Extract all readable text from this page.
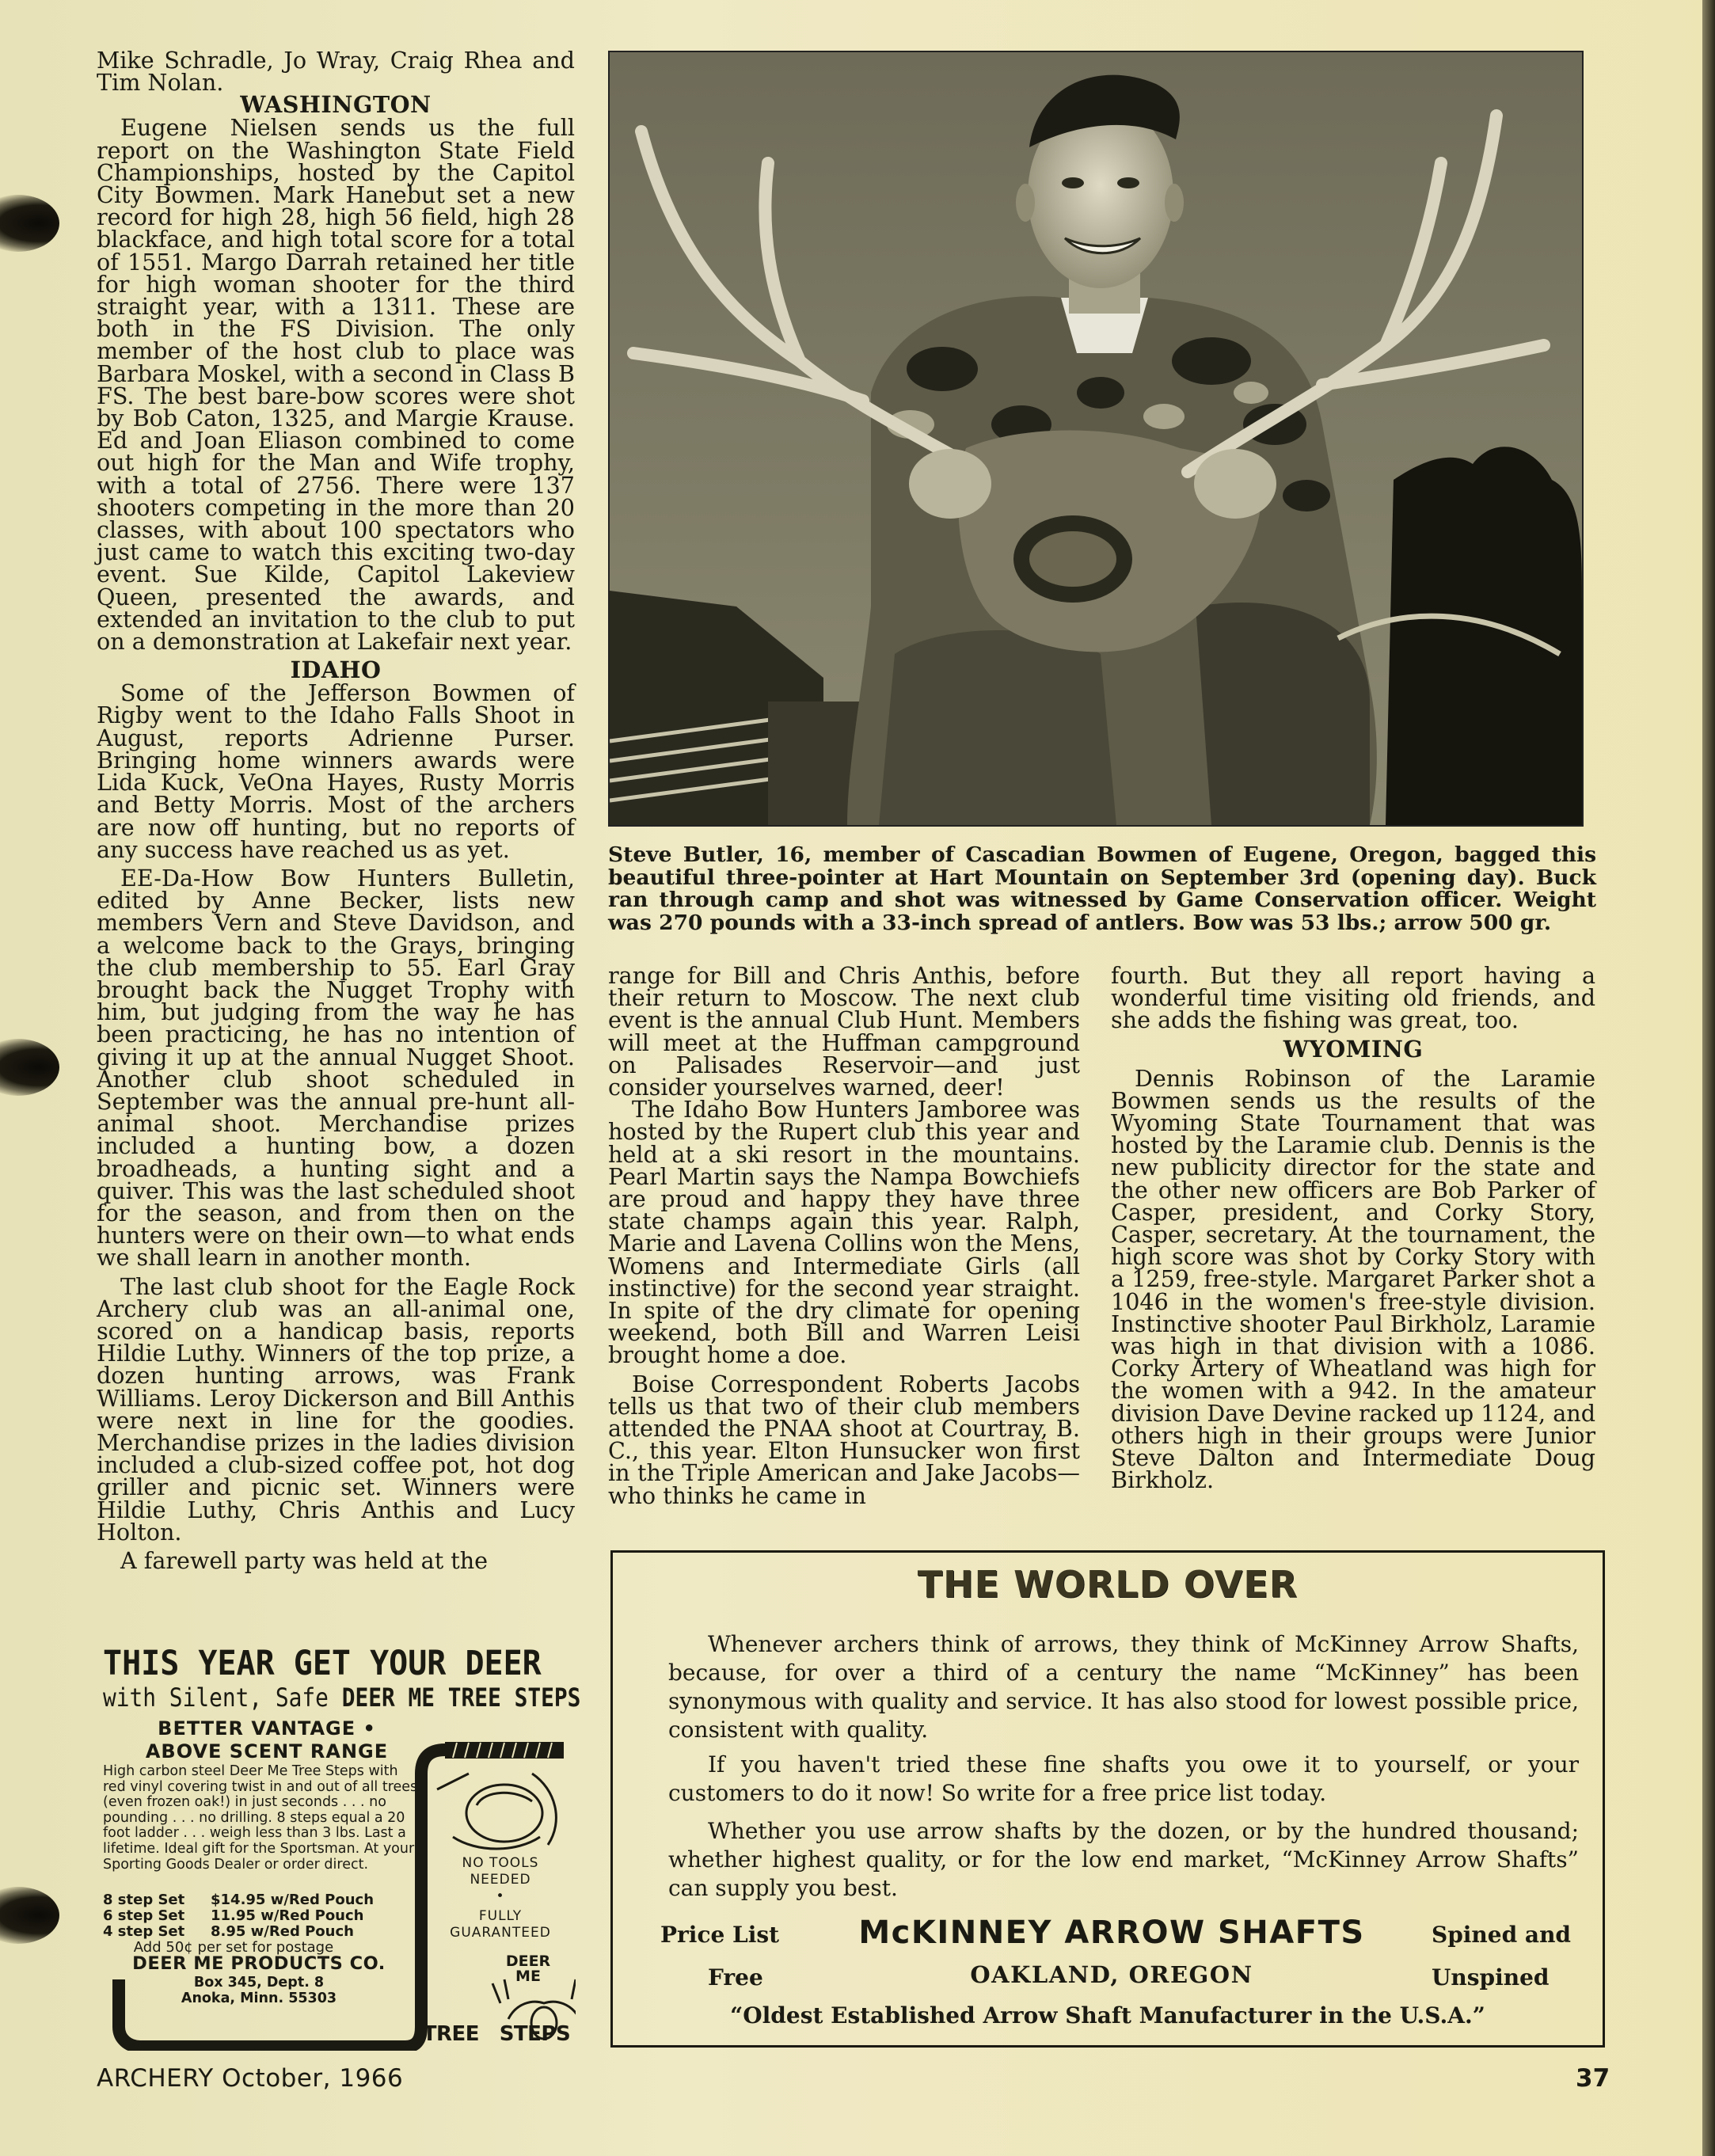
Mike Schradle, Jo Wray, Craig Rhea and Tim Nolan.

WASHINGTON

Eugene Nielsen sends us the full report on the Washington State Field Championships, hosted by the Capitol City Bowmen. Mark Hanebut set a new record for high 28, high 56 field, high 28 blackface, and high total score for a total of 1551. Margo Darrah retained her title for high woman shooter for the third straight year, with a 1311. These are both in the FS Division. The only member of the host club to place was Barbara Moskel, with a second in Class B FS. The best bare-bow scores were shot by Bob Caton, 1325, and Margie Krause. Ed and Joan Eliason combined to come out high for the Man and Wife trophy, with a total of 2756. There were 137 shooters competing in the more than 20 classes, with about 100 spectators who just came to watch this exciting two-day event. Sue Kilde, Capitol Lakeview Queen, presented the awards, and extended an invitation to the club to put on a demonstration at Lakefair next year.

IDAHO

Some of the Jefferson Bowmen of Rigby went to the Idaho Falls Shoot in August, reports Adrienne Purser. Bringing home winners awards were Lida Kuck, VeOna Hayes, Rusty Morris and Betty Morris. Most of the archers are now off hunting, but no reports of any success have reached us as yet.

EE-Da-How Bow Hunters Bulletin, edited by Anne Becker, lists new members Vern and Steve Davidson, and a welcome back to the Grays, bringing the club membership to 55. Earl Gray brought back the Nugget Trophy with him, but judging from the way he has been practicing, he has no intention of giving it up at the annual Nugget Shoot. Another club shoot scheduled in September was the annual pre-hunt all-animal shoot. Merchandise prizes included a hunting bow, a dozen broadheads, a hunting sight and a quiver. This was the last scheduled shoot for the season, and from then on the hunters were on their own—to what ends we shall learn in another month.

The last club shoot for the Eagle Rock Archery club was an all-animal one, scored on a handicap basis, reports Hildie Luthy. Winners of the top prize, a dozen hunting arrows, was Frank Williams. Leroy Dickerson and Bill Anthis were next in line for the goodies. Merchandise prizes in the ladies division included a club-sized coffee pot, hot dog griller and picnic set. Winners were Hildie Luthy, Chris Anthis and Lucy Holton.

A farewell party was held at the

Steve Butler, 16, member of Cascadian Bowmen of Eugene, Oregon, bagged this beautiful three-pointer at Hart Mountain on September 3rd (opening day). Buck ran through camp and shot was witnessed by Game Conservation officer. Weight was 270 pounds with a 33-inch spread of antlers. Bow was 53 lbs.; arrow 500 gr.

range for Bill and Chris Anthis, before their return to Moscow. The next club event is the annual Club Hunt. Members will meet at the Huffman campground on Palisades Reservoir—and just consider yourselves warned, deer!

The Idaho Bow Hunters Jamboree was hosted by the Rupert club this year and held at a ski resort in the mountains. Pearl Martin says the Nampa Bowchiefs are proud and happy they have three state champs again this year. Ralph, Marie and Lavena Collins won the Mens, Womens and Intermediate Girls (all instinctive) for the second year straight. In spite of the dry climate for opening weekend, both Bill and Warren Leisi brought home a doe.

Boise Correspondent Roberts Jacobs tells us that two of their club members attended the PNAA shoot at Courtray, B. C., this year. Elton Hunsucker won first in the Triple American and Jake Jacobs—who thinks he came in

fourth. But they all report having a wonderful time visiting old friends, and she adds the fishing was great, too.

WYOMING

Dennis Robinson of the Laramie Bowmen sends us the results of the Wyoming State Tournament that was hosted by the Laramie club. Dennis is the new publicity director for the state and the other new officers are Bob Parker of Casper, president, and Corky Story, Casper, secretary. At the tournament, the high score was shot by Corky Story with a 1259, free-style. Margaret Parker shot a 1046 in the women's free-style division. Instinctive shooter Paul Birkholz, Laramie was high in that division with a 1086. Corky Artery of Wheatland was high for the women with a 942. In the amateur division Dave Devine racked up 1124, and others high in their groups were Junior Steve Dalton and Intermediate Doug Birkholz.

THIS YEAR GET YOUR DEER
with Silent, Safe DEER ME TREE STEPS
BETTER VANTAGE •
ABOVE SCENT RANGE
High carbon steel Deer Me Tree Steps with red vinyl covering twist in and out of all trees (even frozen oak!) in just seconds . . . no pounding . . . no drilling. 8 steps equal a 20 foot ladder . . . weigh less than 3 lbs. Last a lifetime. Ideal gift for the Sportsman. At your Sporting Goods Dealer or order direct.
8 step Set	$14.95 w/Red Pouch
6 step Set	11.95 w/Red Pouch
4 step Set	8.95 w/Red Pouch
Add 50¢ per set for postage
DEER ME PRODUCTS CO.
Box 345, Dept. 8
Anoka, Minn. 55303
NO TOOLS
NEEDED
•
FULLY
GUARANTEED
DEER
ME
TREE STEPS
THE WORLD OVER

Whenever archers think of arrows, they think of McKinney Arrow Shafts, because, for over a third of a century the name “McKinney” has been synonymous with quality and service. It has also stood for lowest possible price, consistent with quality.

If you haven't tried these fine shafts you owe it to yourself, or your customers to do it now! So write for a free price list today.

Whether you use arrow shafts by the dozen, or by the hundred thousand; whether highest quality, or for the low end market, “McKinney Arrow Shafts” can supply you best.

Price List
Free
McKINNEY ARROW SHAFTS
OAKLAND, OREGON
Spined and
Unspined
“Oldest Established Arrow Shaft Manufacturer in the U.S.A.”
ARCHERY October, 1966	37
